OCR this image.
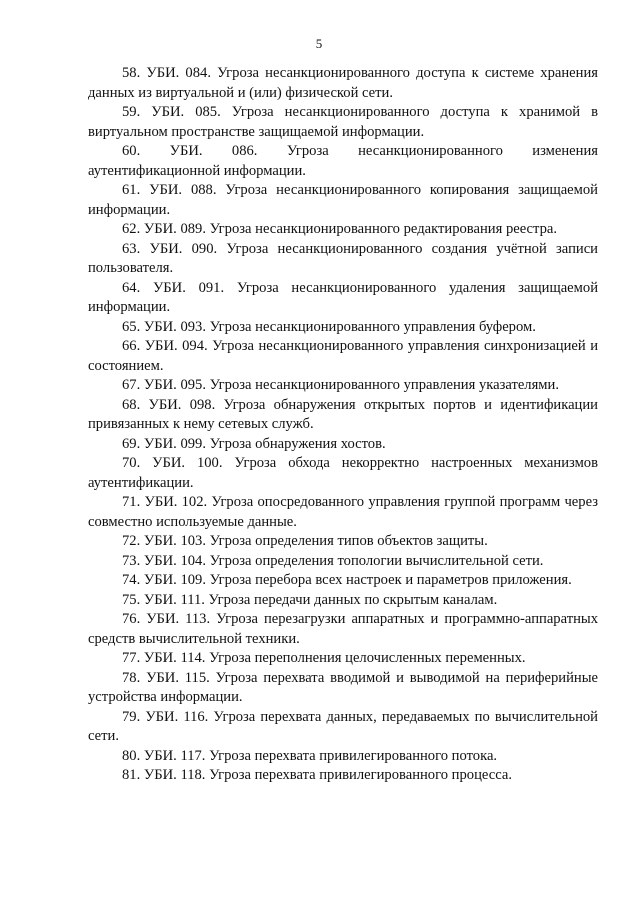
5

58. УБИ. 084. Угроза несанкционированного доступа к системе хранения данных из виртуальной и (или) физической сети.

59. УБИ. 085. Угроза несанкционированного доступа к хранимой в виртуальном пространстве защищаемой информации.

60. УБИ. 086. Угроза несанкционированного изменения аутентификационной информации.

61. УБИ. 088. Угроза несанкционированного копирования защищаемой информации.

62. УБИ. 089. Угроза несанкционированного редактирования реестра.

63. УБИ. 090. Угроза несанкционированного создания учётной записи пользователя.

64. УБИ. 091. Угроза несанкционированного удаления защищаемой информации.

65. УБИ. 093. Угроза несанкционированного управления буфером.

66. УБИ. 094. Угроза несанкционированного управления синхронизацией и состоянием.

67. УБИ. 095. Угроза несанкционированного управления указателями.

68. УБИ. 098. Угроза обнаружения открытых портов и идентификации привязанных к нему сетевых служб.

69. УБИ. 099. Угроза обнаружения хостов.

70. УБИ. 100. Угроза обхода некорректно настроенных механизмов аутентификации.

71. УБИ. 102. Угроза опосредованного управления группой программ через совместно используемые данные.

72. УБИ. 103. Угроза определения типов объектов защиты.

73. УБИ. 104. Угроза определения топологии вычислительной сети.

74. УБИ. 109. Угроза перебора всех настроек и параметров приложения.

75. УБИ. 111. Угроза передачи данных по скрытым каналам.

76. УБИ. 113. Угроза перезагрузки аппаратных и программно-аппаратных средств вычислительной техники.

77. УБИ. 114. Угроза переполнения целочисленных переменных.

78. УБИ. 115. Угроза перехвата вводимой и выводимой на периферийные устройства информации.

79. УБИ. 116. Угроза перехвата данных, передаваемых по вычислительной сети.

80. УБИ. 117. Угроза перехвата привилегированного потока.

81. УБИ. 118. Угроза перехвата привилегированного процесса.
